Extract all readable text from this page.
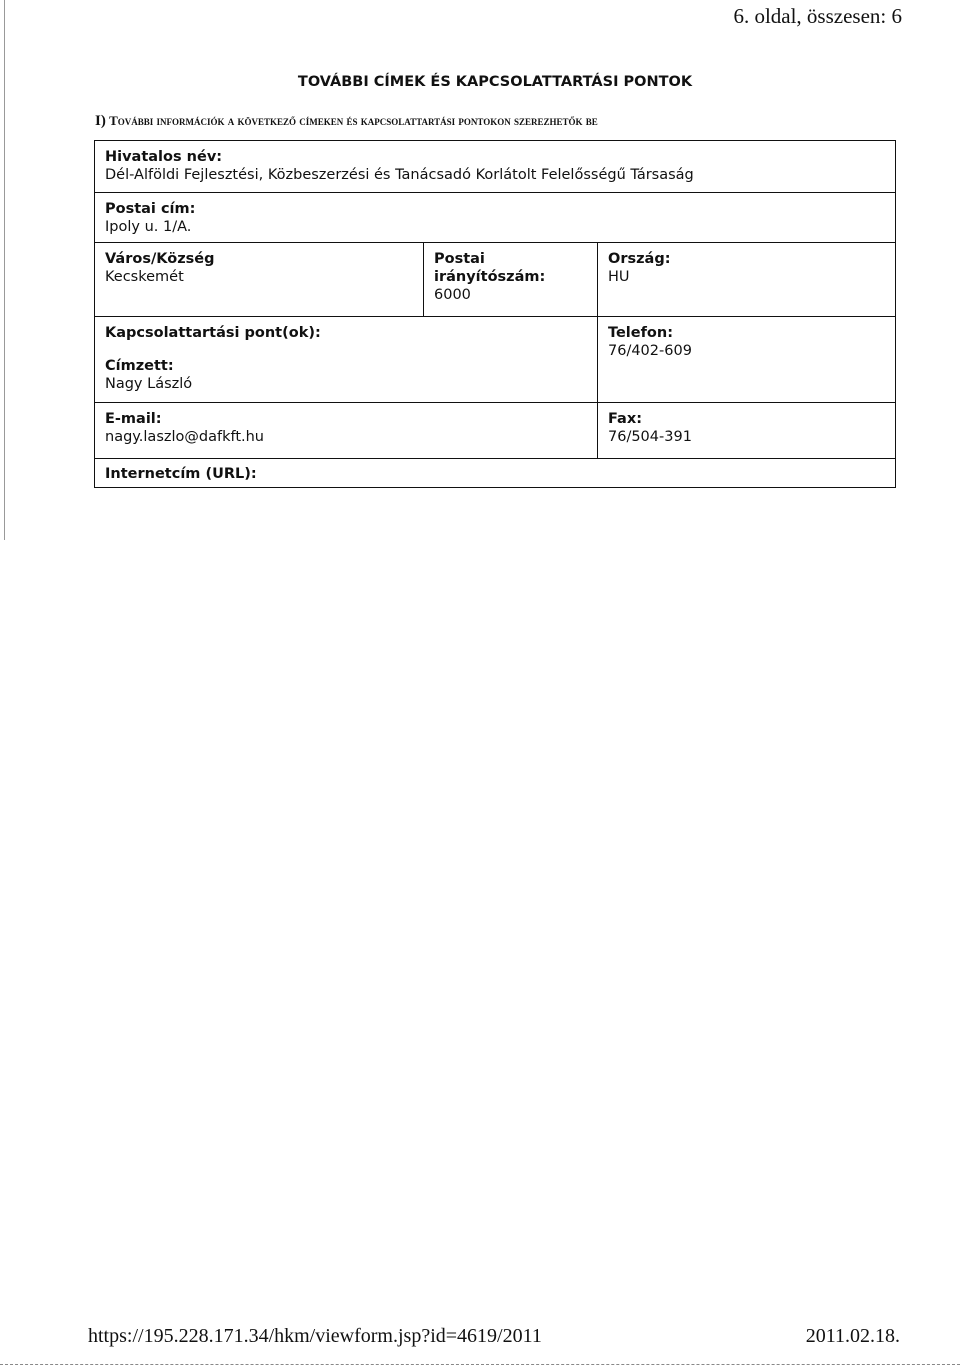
6. oldal, összesen: 6
TOVÁBBI CÍMEK ÉS KAPCSOLATTARTÁSI PONTOK
I) További információk a következő címeken és kapcsolattartási pontokon szerezhetők be
Hivatalos név:
Dél-Alföldi Fejlesztési, Közbeszerzési és Tanácsadó Korlátolt Felelősségű Társaság
Postai cím:
Ipoly u. 1/A.
Város/Község
Kecskemét
Postai
irányítószám:
6000
Ország:
HU
Kapcsolattartási pont(ok):
Címzett:
Nagy László
Telefon:
76/402-609
E-mail:
nagy.laszlo@dafkft.hu
Fax:
76/504-391
Internetcím (URL):
https://195.228.171.34/hkm/viewform.jsp?id=4619/2011	2011.02.18.
